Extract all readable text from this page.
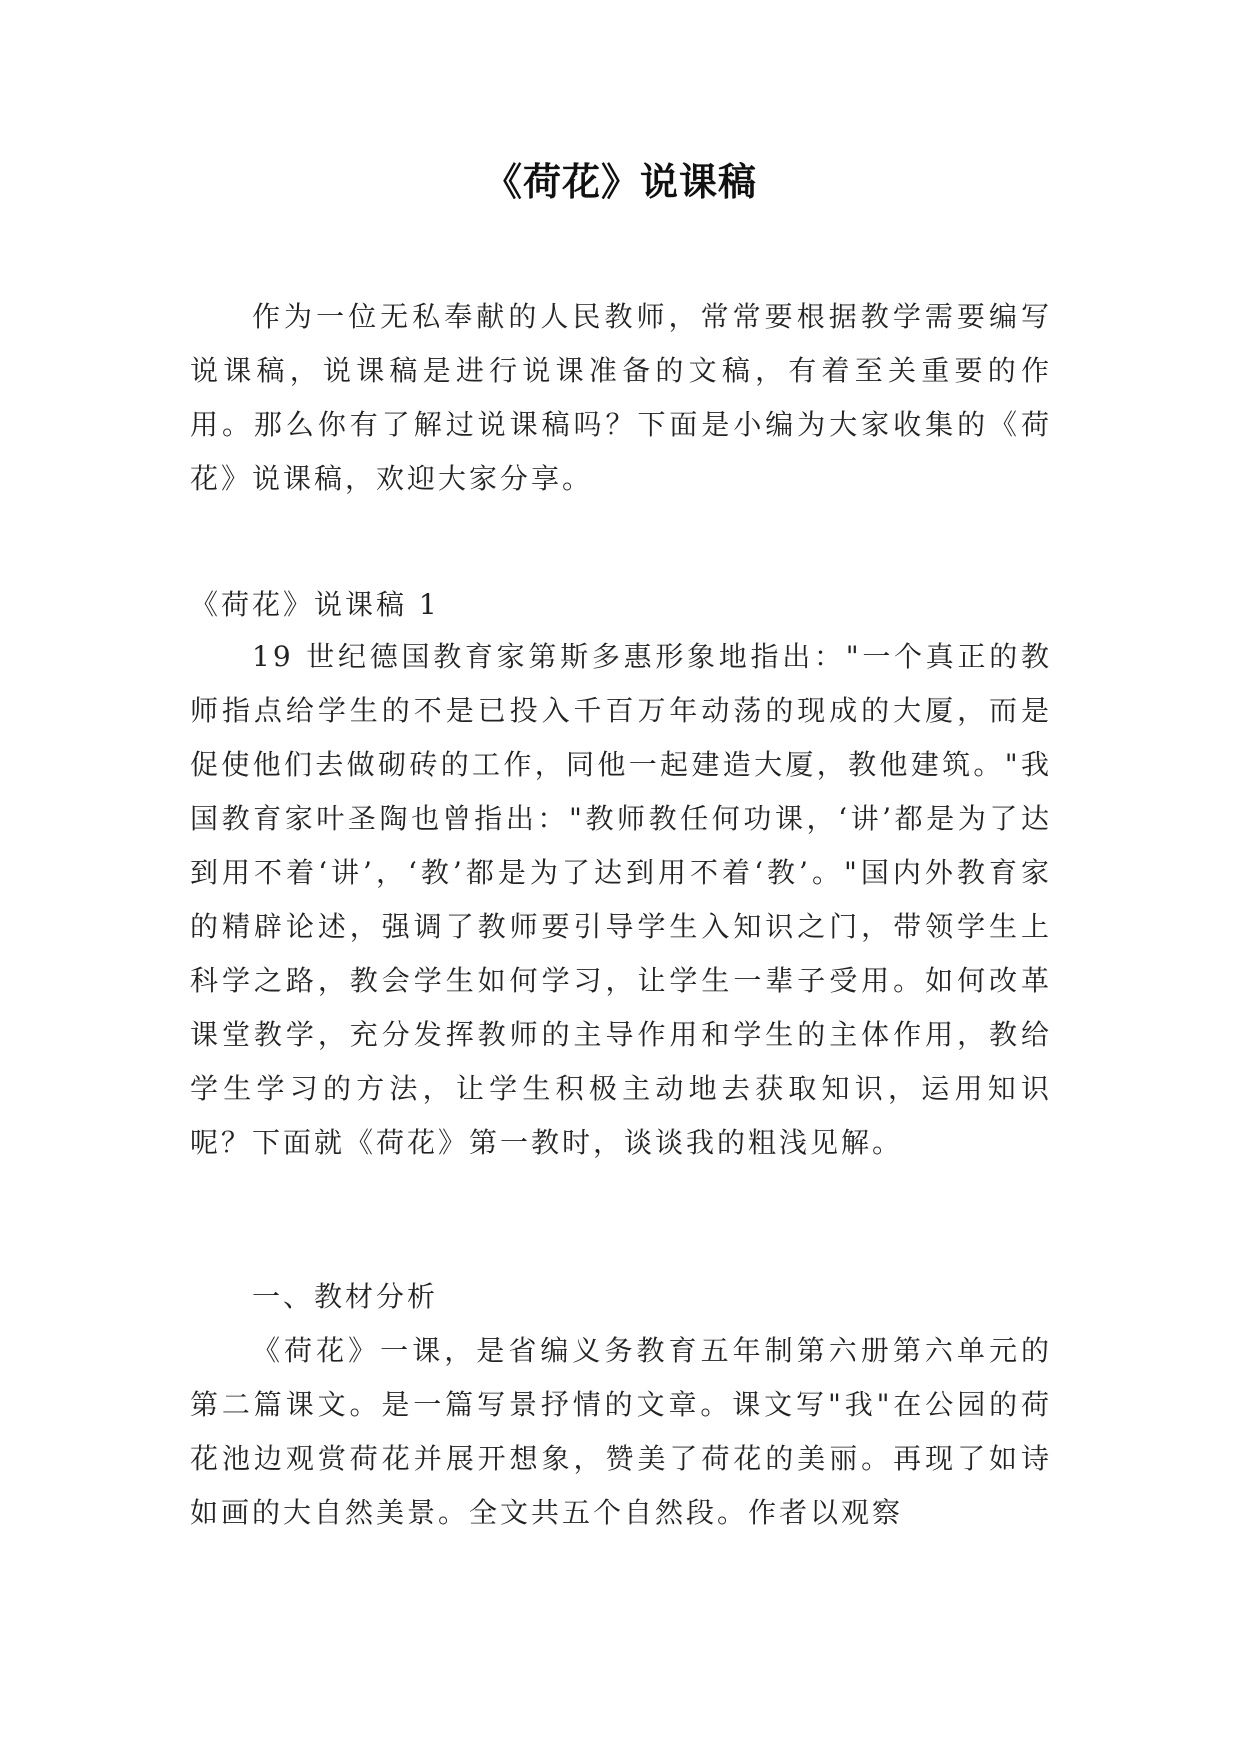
《荷花》说课稿

作为一位无私奉献的人民教师，常常要根据教学需要编写说课稿，说课稿是进行说课准备的文稿，有着至关重要的作用。那么你有了解过说课稿吗？下面是小编为大家收集的《荷花》说课稿，欢迎大家分享。

《荷花》说课稿 1

19 世纪德国教育家第斯多惠形象地指出："一个真正的教师指点给学生的不是已投入千百万年动荡的现成的大厦，而是促使他们去做砌砖的工作，同他一起建造大厦，教他建筑。"我国教育家叶圣陶也曾指出："教师教任何功课，‘讲’都是为了达到用不着‘讲’，‘教’都是为了达到用不着‘教’。"国内外教育家的精辟论述，强调了教师要引导学生入知识之门，带领学生上科学之路，教会学生如何学习，让学生一辈子受用。如何改革课堂教学，充分发挥教师的主导作用和学生的主体作用，教给学生学习的方法，让学生积极主动地去获取知识，运用知识呢？下面就《荷花》第一教时，谈谈我的粗浅见解。

一、教材分析

《荷花》一课，是省编义务教育五年制第六册第六单元的第二篇课文。是一篇写景抒情的文章。课文写"我"在公园的荷花池边观赏荷花并展开想象，赞美了荷花的美丽。再现了如诗如画的大自然美景。全文共五个自然段。作者以观察
